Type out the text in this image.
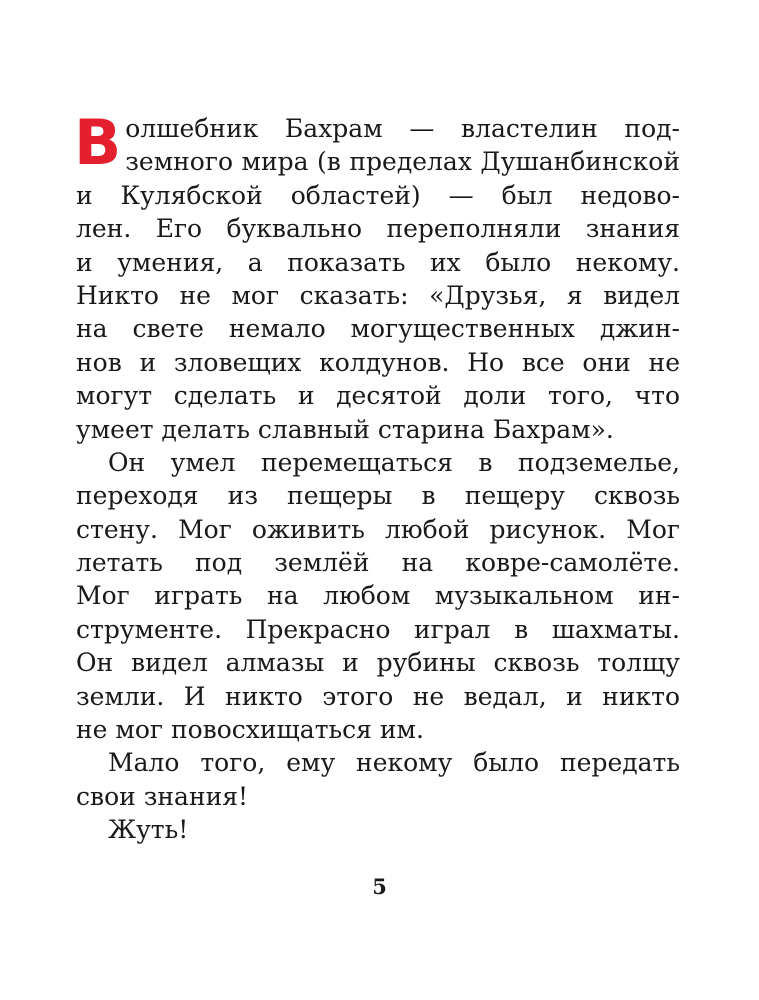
В олшебник Бахрам — властелин под-
земного мира (в пределах Душанбинской
и Кулябской областей) — был недово-
лен. Его буквально переполняли знания
и умения, а показать их было некому.
Никто не мог сказать: «Друзья, я видел
на свете немало могущественных джин-
нов и зловещих колдунов. Но все они не
могут сделать и десятой доли того, что
умеет делать славный старина Бахрам».
Он умел перемещаться в подземелье,
переходя из пещеры в пещеру сквозь
стену. Мог оживить любой рисунок. Мог
летать под землёй на ковре-самолёте.
Мог играть на любом музыкальном ин-
струменте. Прекрасно играл в шахматы.
Он видел алмазы и рубины сквозь толщу
земли. И никто этого не ведал, и никто
не мог повосхищаться им.
Мало того, ему некому было передать
свои знания!
Жуть!
5
